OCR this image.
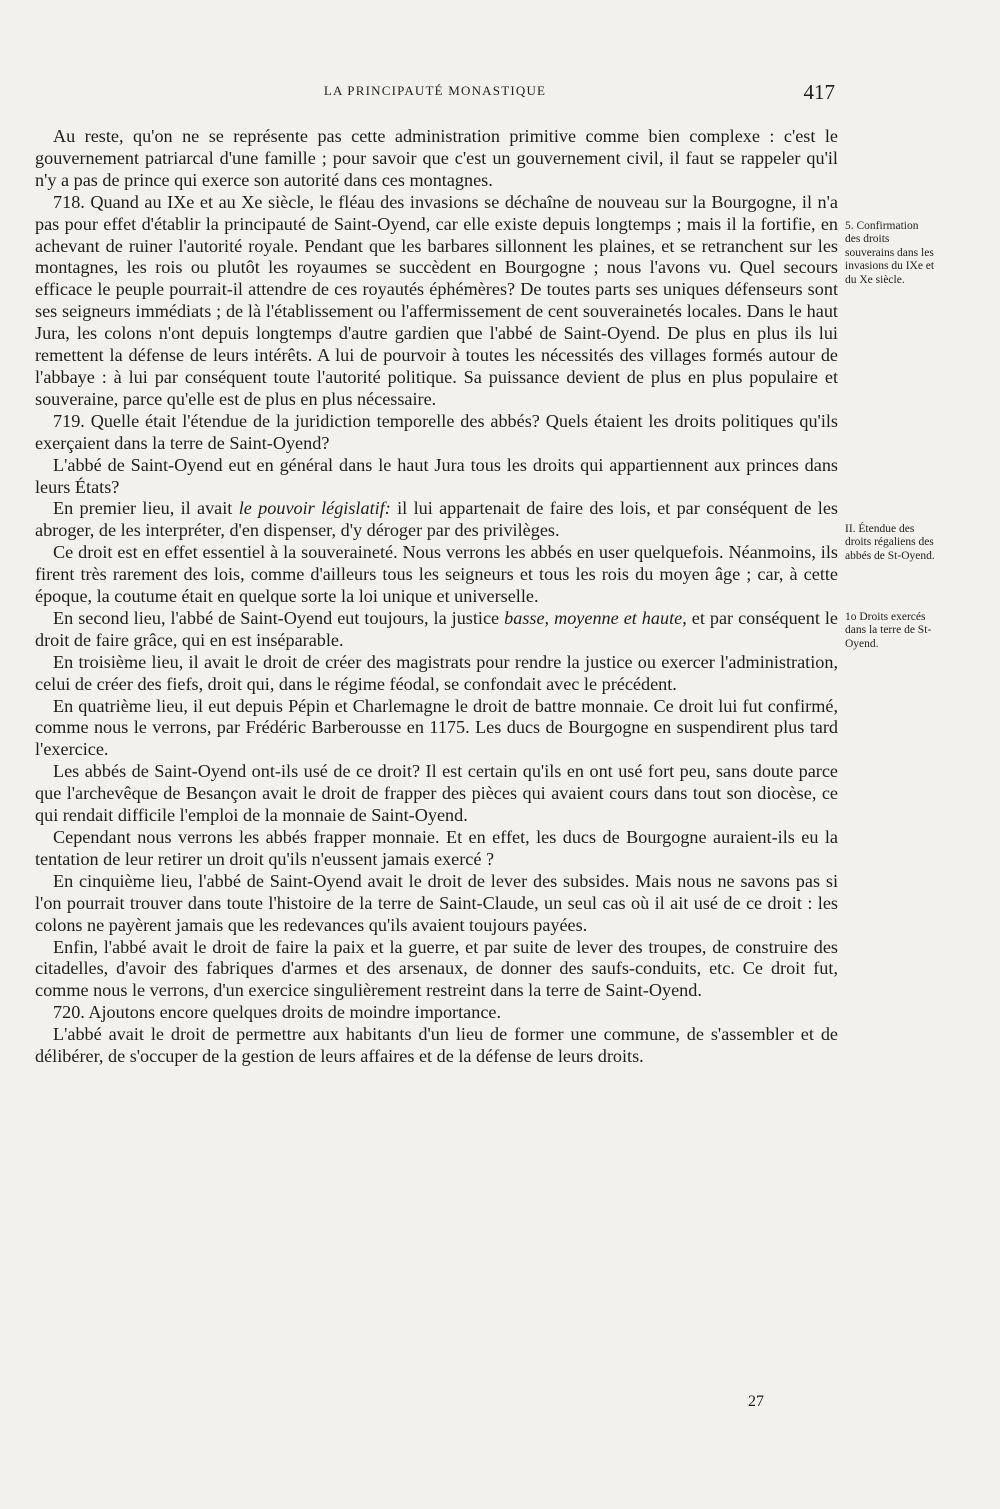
LA PRINCIPAUTÉ MONASTIQUE	417

Au reste, qu'on ne se représente pas cette administration primitive comme bien complexe : c'est le gouvernement patriarcal d'une famille ; pour savoir que c'est un gouvernement civil, il faut se rappeler qu'il n'y a pas de prince qui exerce son autorité dans ces montagnes.

718. Quand au IXe et au Xe siècle, le fléau des invasions se déchaîne de nouveau sur la Bourgogne, il n'a pas pour effet d'établir la principauté de Saint-Oyend, car elle existe depuis longtemps ; mais il la fortifie, en achevant de ruiner l'autorité royale. Pendant que les barbares sillonnent les plaines, et se retranchent sur les montagnes, les rois ou plutôt les royaumes se succèdent en Bourgogne ; nous l'avons vu. Quel secours efficace le peuple pourrait-il attendre de ces royautés éphémères? De toutes parts ses uniques défenseurs sont ses seigneurs immédiats ; de là l'établissement ou l'affermissement de cent souverainetés locales. Dans le haut Jura, les colons n'ont depuis longtemps d'autre gardien que l'abbé de Saint-Oyend. De plus en plus ils lui remettent la défense de leurs intérêts. A lui de pourvoir à toutes les nécessités des villages formés autour de l'abbaye : à lui par conséquent toute l'autorité politique. Sa puissance devient de plus en plus populaire et souveraine, parce qu'elle est de plus en plus nécessaire.

719. Quelle était l'étendue de la juridiction temporelle des abbés? Quels étaient les droits politiques qu'ils exerçaient dans la terre de Saint-Oyend?

L'abbé de Saint-Oyend eut en général dans le haut Jura tous les droits qui appartiennent aux princes dans leurs États?

En premier lieu, il avait le pouvoir législatif: il lui appartenait de faire des lois, et par conséquent de les abroger, de les interpréter, d'en dispenser, d'y déroger par des privilèges.

Ce droit est en effet essentiel à la souveraineté. Nous verrons les abbés en user quelquefois. Néanmoins, ils firent très rarement des lois, comme d'ailleurs tous les seigneurs et tous les rois du moyen âge ; car, à cette époque, la coutume était en quelque sorte la loi unique et universelle.

En second lieu, l'abbé de Saint-Oyend eut toujours, la justice basse, moyenne et haute, et par conséquent le droit de faire grâce, qui en est inséparable.

En troisième lieu, il avait le droit de créer des magistrats pour rendre la justice ou exercer l'administration, celui de créer des fiefs, droit qui, dans le régime féodal, se confondait avec le précédent.

En quatrième lieu, il eut depuis Pépin et Charlemagne le droit de battre monnaie. Ce droit lui fut confirmé, comme nous le verrons, par Frédéric Barberousse en 1175. Les ducs de Bourgogne en suspendirent plus tard l'exercice.

Les abbés de Saint-Oyend ont-ils usé de ce droit? Il est certain qu'ils en ont usé fort peu, sans doute parce que l'archevêque de Besançon avait le droit de frapper des pièces qui avaient cours dans tout son diocèse, ce qui rendait difficile l'emploi de la monnaie de Saint-Oyend.

Cependant nous verrons les abbés frapper monnaie. Et en effet, les ducs de Bourgogne auraient-ils eu la tentation de leur retirer un droit qu'ils n'eussent jamais exercé ?

En cinquième lieu, l'abbé de Saint-Oyend avait le droit de lever des subsides. Mais nous ne savons pas si l'on pourrait trouver dans toute l'histoire de la terre de Saint-Claude, un seul cas où il ait usé de ce droit : les colons ne payèrent jamais que les redevances qu'ils avaient toujours payées.

Enfin, l'abbé avait le droit de faire la paix et la guerre, et par suite de lever des troupes, de construire des citadelles, d'avoir des fabriques d'armes et des arsenaux, de donner des saufs-conduits, etc. Ce droit fut, comme nous le verrons, d'un exercice singulièrement restreint dans la terre de Saint-Oyend.

720. Ajoutons encore quelques droits de moindre importance.

L'abbé avait le droit de permettre aux habitants d'un lieu de former une commune, de s'assembler et de délibérer, de s'occuper de la gestion de leurs affaires et de la défense de leurs droits.

5. Confirmation des droits souverains dans les invasions du IXe et du Xe siècle.
II. Étendue des droits régaliens des abbés de St-Oyend.
1o Droits exercés dans la terre de St-Oyend.
27
